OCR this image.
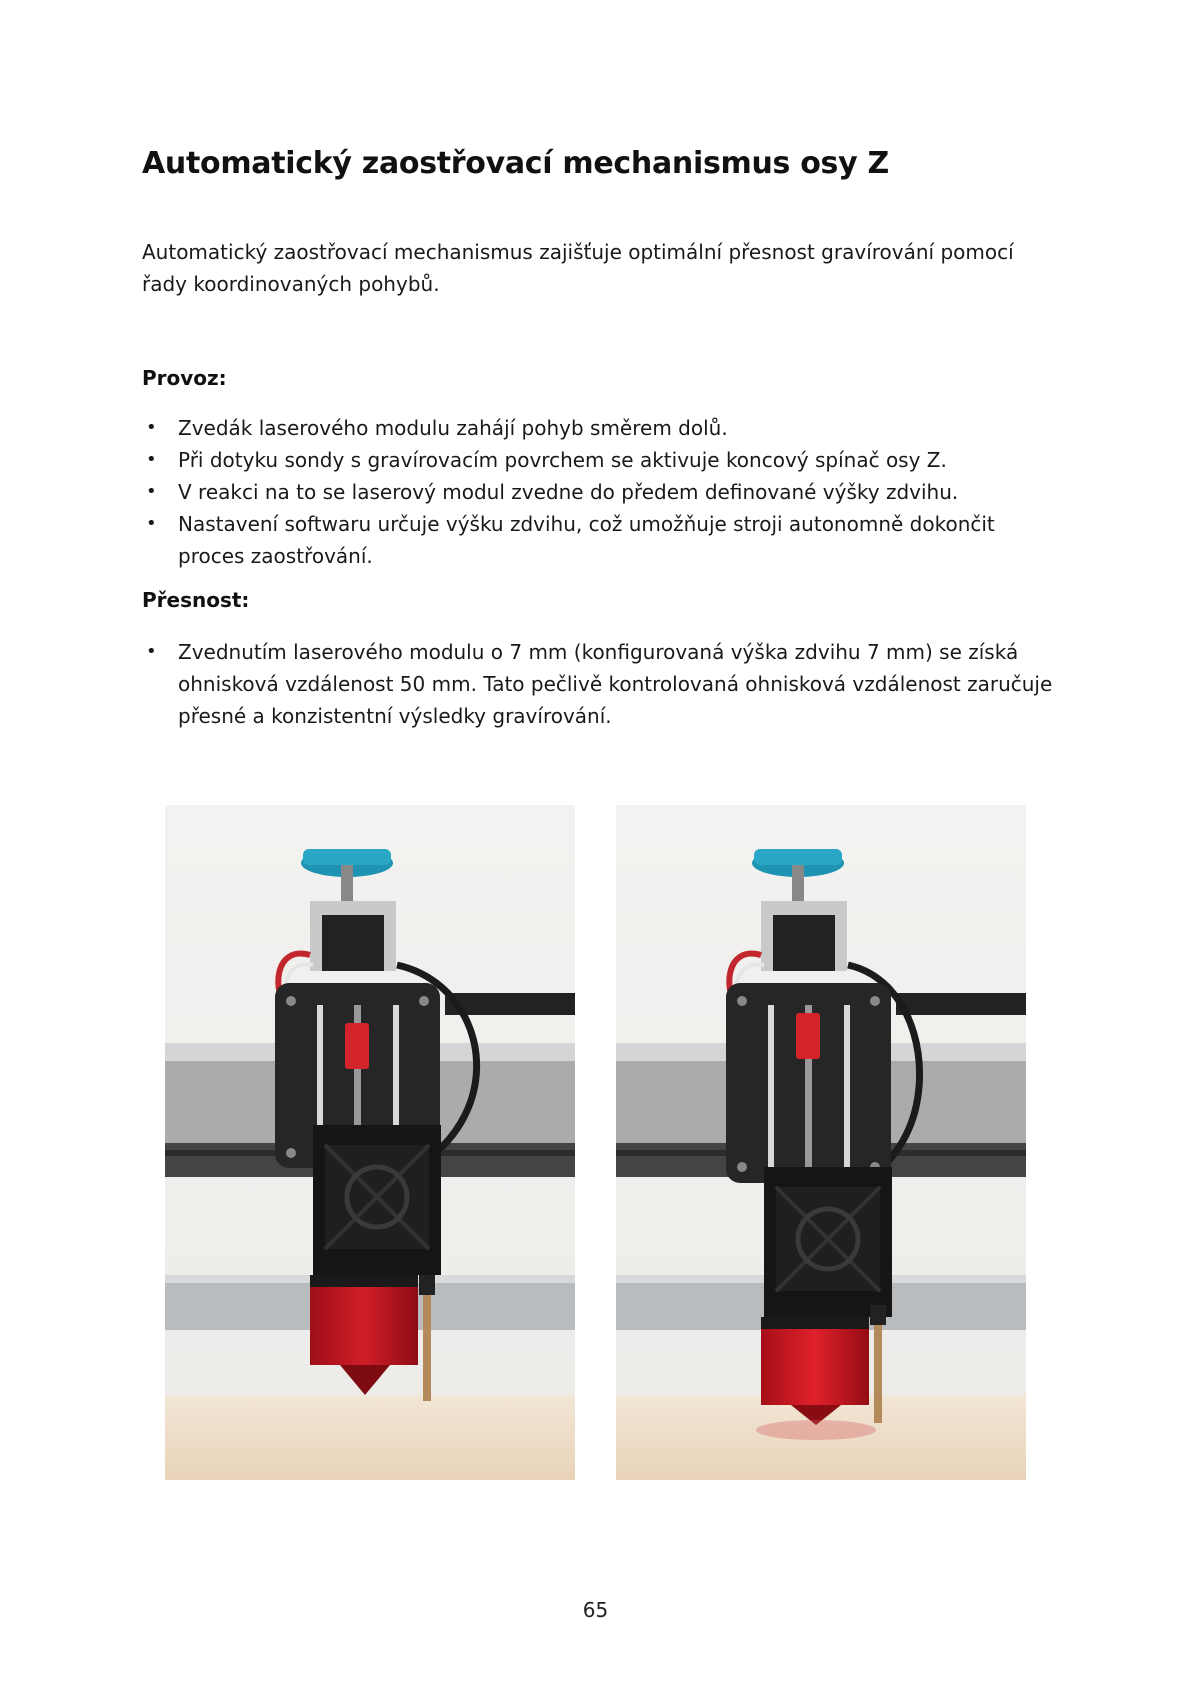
Automatický zaostřovací mechanismus osy Z

Automatický zaostřovací mechanismus zajišťuje optimální přesnost gravírování pomocí řady koordinovaných pohybů.

Provoz:

• Zvedák laserového modulu zahájí pohyb směrem dolů.
• Při dotyku sondy s gravírovacím povrchem se aktivuje koncový spínač osy Z.
• V reakci na to se laserový modul zvedne do předem definované výšky zdvihu.
• Nastavení softwaru určuje výšku zdvihu, což umožňuje stroji autonomně dokončit proces zaostřování.

Přesnost:

• Zvednutím laserového modulu o 7 mm (konfigurovaná výška zdvihu 7 mm) se získá ohnisková vzdálenost 50 mm. Tato pečlivě kontrolovaná ohnisková vzdálenost zaručuje přesné a konzistentní výsledky gravírování.
65
